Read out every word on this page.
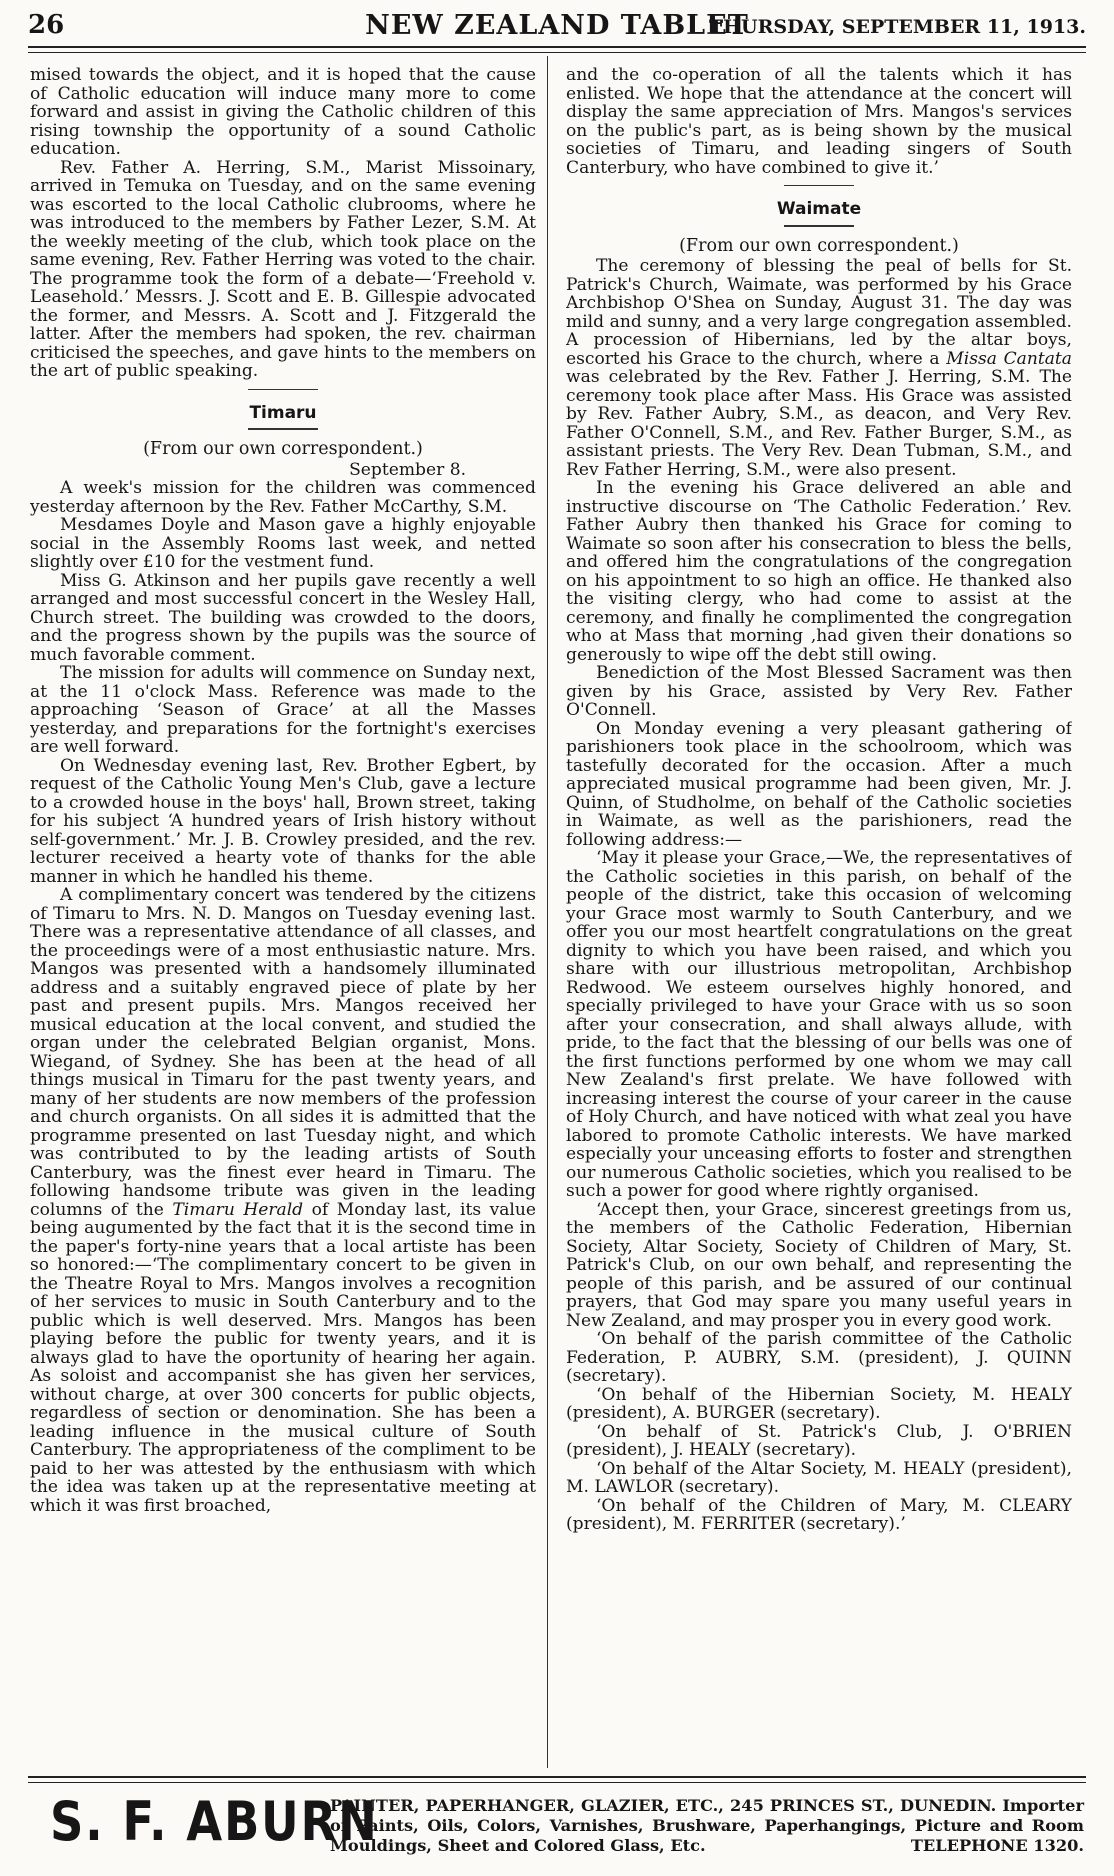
26	NEW ZEALAND TABLET
THURSDAY, SEPTEMBER 11, 1913.

mised towards the object, and it is hoped that the cause of Catholic education will induce many more to come forward and assist in giving the Catholic children of this rising township the opportunity of a sound Catholic education.

Rev. Father A. Herring, S.M., Marist Missoinary, arrived in Temuka on Tuesday, and on the same evening was escorted to the local Catholic clubrooms, where he was introduced to the members by Father Lezer, S.M. At the weekly meeting of the club, which took place on the same evening, Rev. Father Herring was voted to the chair. The programme took the form of a debate—‘Freehold v. Leasehold.’ Messrs. J. Scott and E. B. Gillespie advocated the former, and Messrs. A. Scott and J. Fitzgerald the latter. After the members had spoken, the rev. chairman criticised the speeches, and gave hints to the members on the art of public speaking.

Timaru

(From our own correspondent.)

September 8.

A week's mission for the children was commenced yesterday afternoon by the Rev. Father McCarthy, S.M.

Mesdames Doyle and Mason gave a highly enjoyable social in the Assembly Rooms last week, and netted slightly over £10 for the vestment fund.

Miss G. Atkinson and her pupils gave recently a well arranged and most successful concert in the Wesley Hall, Church street. The building was crowded to the doors, and the progress shown by the pupils was the source of much favorable comment.

The mission for adults will commence on Sunday next, at the 11 o'clock Mass. Reference was made to the approaching ‘Season of Grace’ at all the Masses yesterday, and preparations for the fortnight's exercises are well forward.

On Wednesday evening last, Rev. Brother Egbert, by request of the Catholic Young Men's Club, gave a lecture to a crowded house in the boys' hall, Brown street, taking for his subject ‘A hundred years of Irish history without self-government.’ Mr. J. B. Crowley presided, and the rev. lecturer received a hearty vote of thanks for the able manner in which he handled his theme.

A complimentary concert was tendered by the citizens of Timaru to Mrs. N. D. Mangos on Tuesday evening last. There was a representative attendance of all classes, and the proceedings were of a most enthusiastic nature. Mrs. Mangos was presented with a handsomely illuminated address and a suitably engraved piece of plate by her past and present pupils. Mrs. Mangos received her musical education at the local convent, and studied the organ under the celebrated Belgian organist, Mons. Wiegand, of Sydney. She has been at the head of all things musical in Timaru for the past twenty years, and many of her students are now members of the profession and church organists. On all sides it is admitted that the programme presented on last Tuesday night, and which was contributed to by the leading artists of South Canterbury, was the finest ever heard in Timaru. The following handsome tribute was given in the leading columns of the Timaru Herald of Monday last, its value being augumented by the fact that it is the second time in the paper's forty-nine years that a local artiste has been so honored:—‘The complimentary concert to be given in the Theatre Royal to Mrs. Mangos involves a recognition of her services to music in South Canterbury and to the public which is well deserved. Mrs. Mangos has been playing before the public for twenty years, and it is always glad to have the oportunity of hearing her again. As soloist and accompanist she has given her services, without charge, at over 300 concerts for public objects, regardless of section or denomination. She has been a leading influence in the musical culture of South Canterbury. The appropriateness of the compliment to be paid to her was attested by the enthusiasm with which the idea was taken up at the representative meeting at which it was first broached,

and the co-operation of all the talents which it has enlisted. We hope that the attendance at the concert will display the same appreciation of Mrs. Mangos's services on the public's part, as is being shown by the musical societies of Timaru, and leading singers of South Canterbury, who have combined to give it.’

Waimate

(From our own correspondent.)

The ceremony of blessing the peal of bells for St. Patrick's Church, Waimate, was performed by his Grace Archbishop O'Shea on Sunday, August 31. The day was mild and sunny, and a very large congregation assembled. A procession of Hibernians, led by the altar boys, escorted his Grace to the church, where a Missa Cantata was celebrated by the Rev. Father J. Herring, S.M. The ceremony took place after Mass. His Grace was assisted by Rev. Father Aubry, S.M., as deacon, and Very Rev. Father O'Connell, S.M., and Rev. Father Burger, S.M., as assistant priests. The Very Rev. Dean Tubman, S.M., and Rev Father Herring, S.M., were also present.

In the evening his Grace delivered an able and instructive discourse on ‘The Catholic Federation.’ Rev. Father Aubry then thanked his Grace for coming to Waimate so soon after his consecration to bless the bells, and offered him the congratulations of the congregation on his appointment to so high an office. He thanked also the visiting clergy, who had come to assist at the ceremony, and finally he complimented the congregation who at Mass that morning ,had given their donations so generously to wipe off the debt still owing.

Benediction of the Most Blessed Sacrament was then given by his Grace, assisted by Very Rev. Father O'Connell.

On Monday evening a very pleasant gathering of parishioners took place in the schoolroom, which was tastefully decorated for the occasion. After a much appreciated musical programme had been given, Mr. J. Quinn, of Studholme, on behalf of the Catholic societies in Waimate, as well as the parishioners, read the following address:—

‘May it please your Grace,—We, the representatives of the Catholic societies in this parish, on behalf of the people of the district, take this occasion of welcoming your Grace most warmly to South Canterbury, and we offer you our most heartfelt congratulations on the great dignity to which you have been raised, and which you share with our illustrious metropolitan, Archbishop Redwood. We esteem ourselves highly honored, and specially privileged to have your Grace with us so soon after your consecration, and shall always allude, with pride, to the fact that the blessing of our bells was one of the first functions performed by one whom we may call New Zealand's first prelate. We have followed with increasing interest the course of your career in the cause of Holy Church, and have noticed with what zeal you have labored to promote Catholic interests. We have marked especially your unceasing efforts to foster and strengthen our numerous Catholic societies, which you realised to be such a power for good where rightly organised.

‘Accept then, your Grace, sincerest greetings from us, the members of the Catholic Federation, Hibernian Society, Altar Society, Society of Children of Mary, St. Patrick's Club, on our own behalf, and representing the people of this parish, and be assured of our continual prayers, that God may spare you many useful years in New Zealand, and may prosper you in every good work.

‘On behalf of the parish committee of the Catholic Federation, P. AUBRY, S.M. (president), J. QUINN (secretary).

‘On behalf of the Hibernian Society, M. HEALY (president), A. BURGER (secretary).

‘On behalf of St. Patrick's Club, J. O'BRIEN (president), J. HEALY (secretary).

‘On behalf of the Altar Society, M. HEALY (president), M. LAWLOR (secretary).

‘On behalf of the Children of Mary, M. CLEARY (president), M. FERRITER (secretary).’

S. F. ABURN
PAINTER, PAPERHANGER, GLAZIER, ETC., 245 PRINCES ST., DUNEDIN. Importer of Paints, Oils, Colors, Varnishes, Brushware, Paperhangings, Picture and Room Mouldings, Sheet and Colored Glass, Etc.	TELEPHONE 1320.
